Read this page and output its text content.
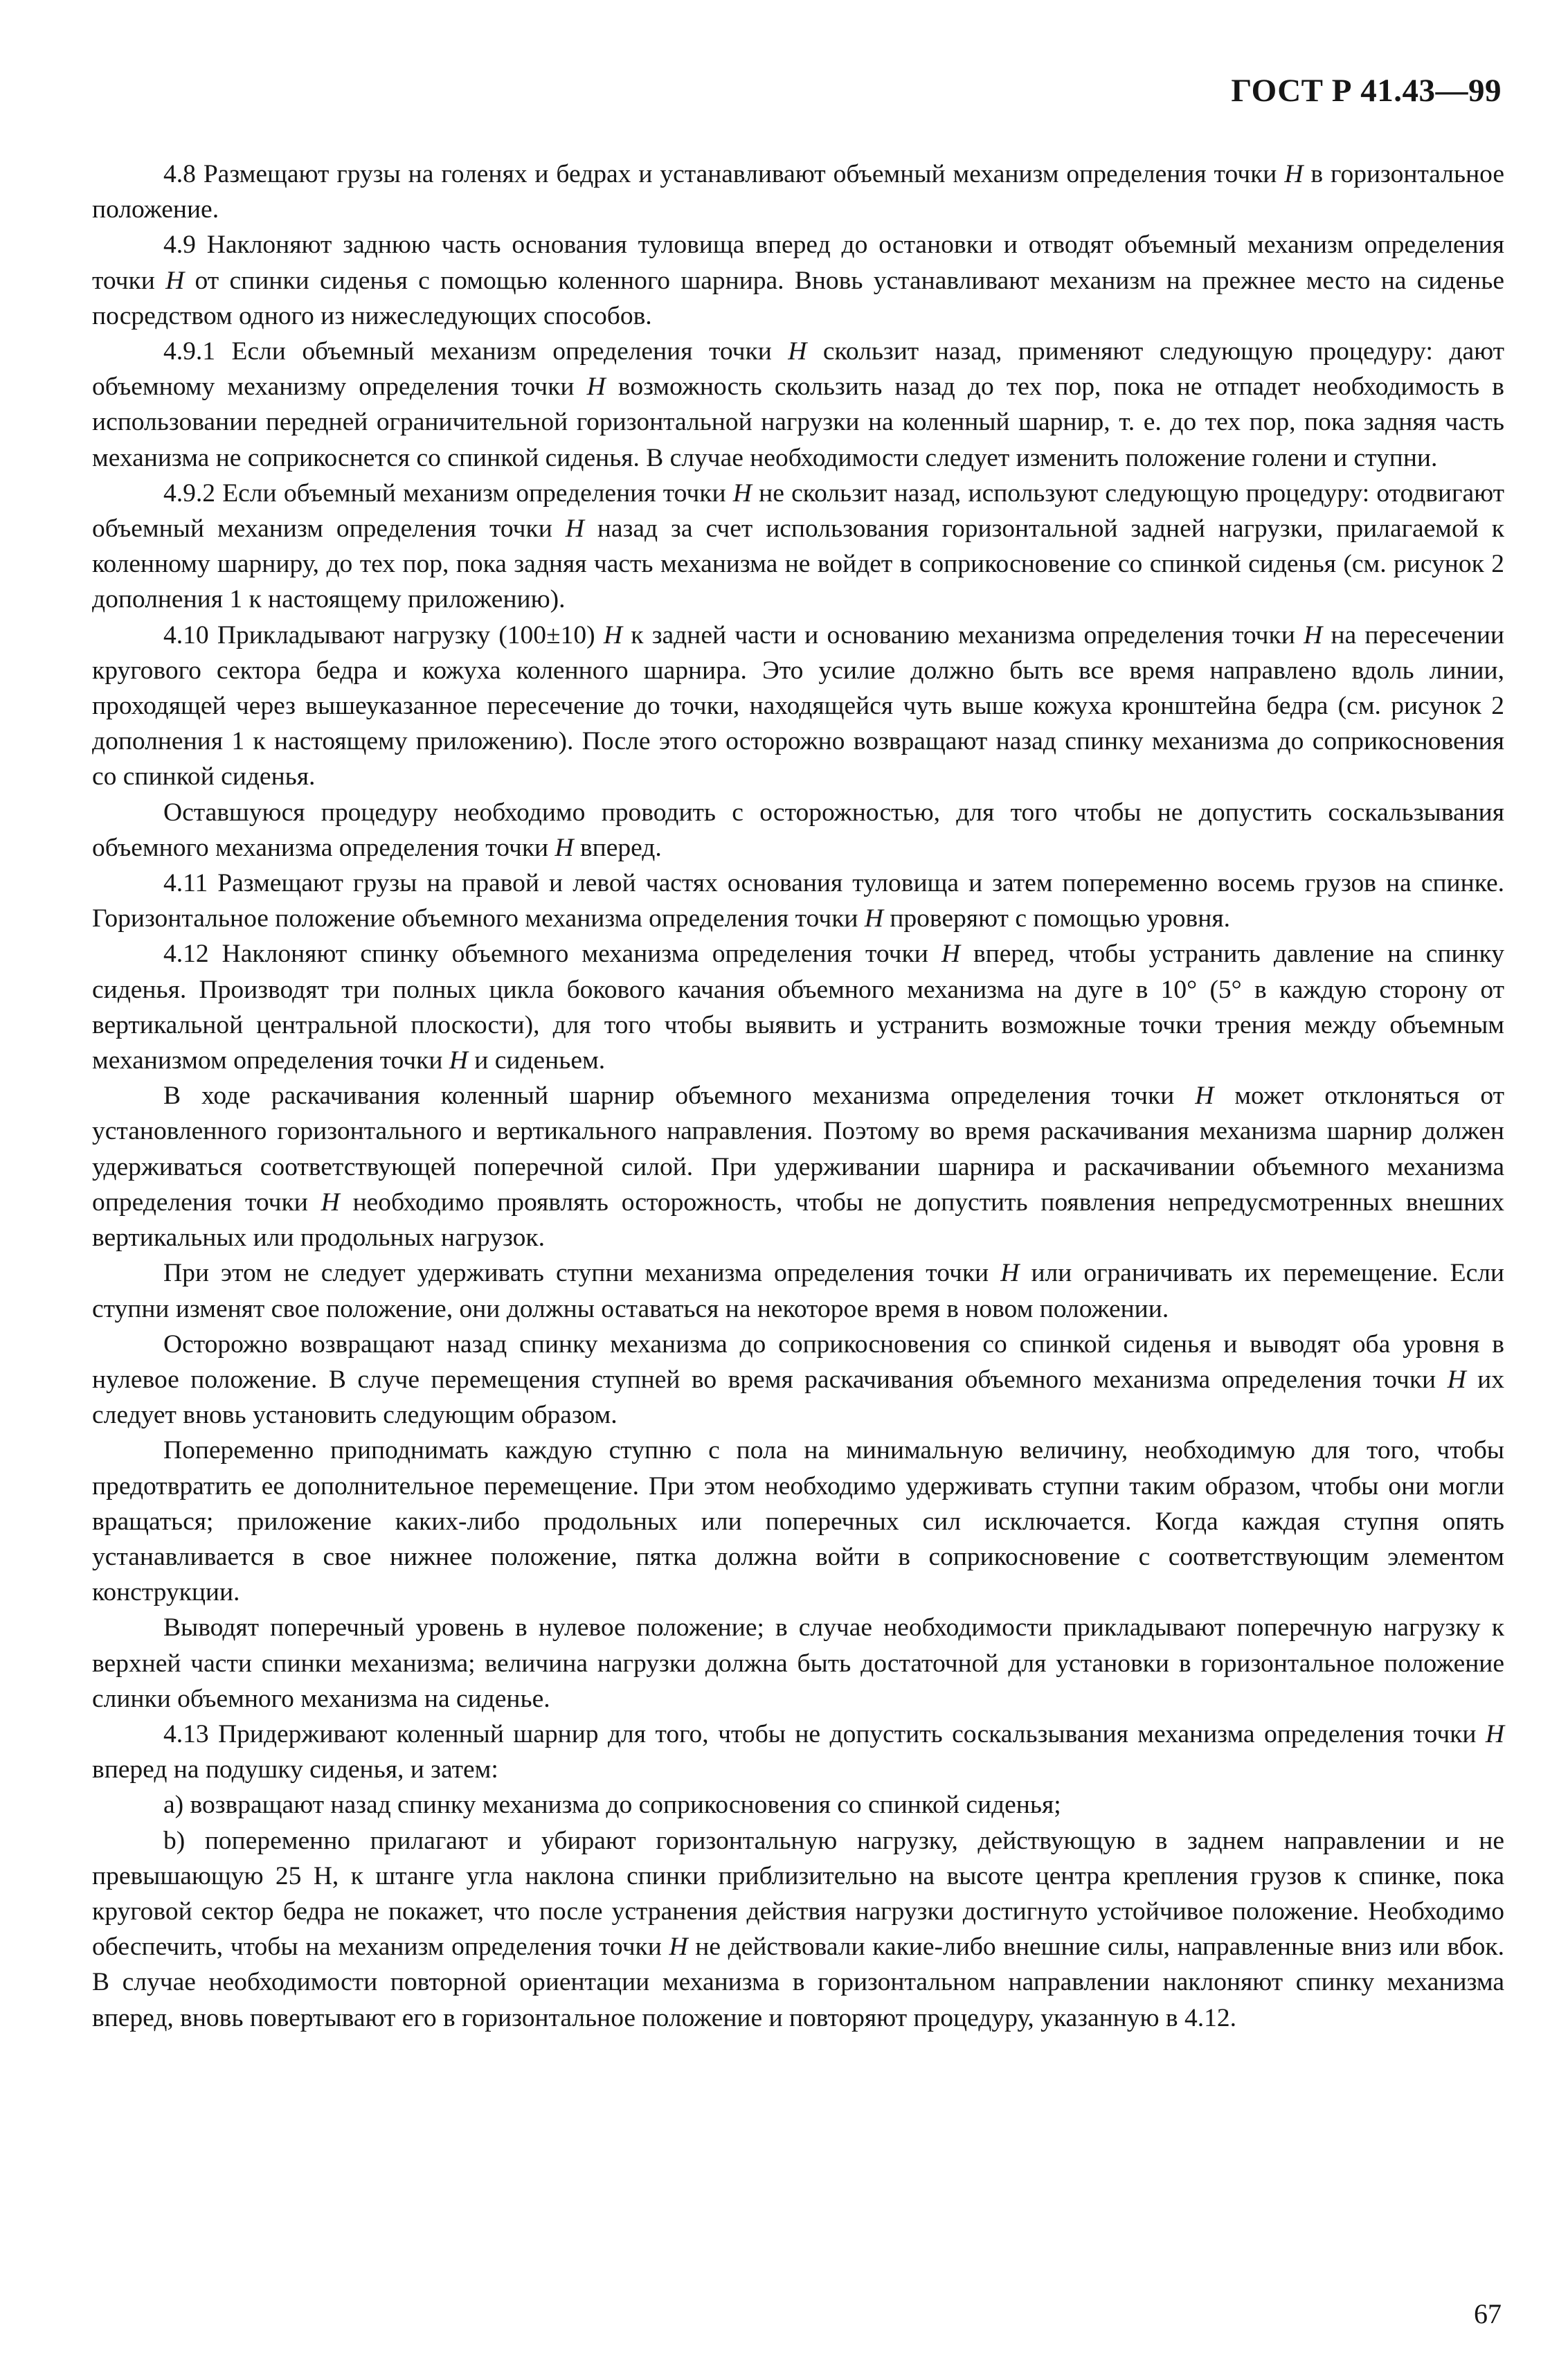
ГОСТ Р 41.43—99

4.8 Размещают грузы на голенях и бедрах и устанавливают объемный механизм определения точки H в горизонтальное положение.

4.9 Наклоняют заднюю часть основания туловища вперед до остановки и отводят объемный механизм определения точки H от спинки сиденья с помощью коленного шарнира. Вновь устанавливают механизм на прежнее место на сиденье посредством одного из нижеследующих способов.

4.9.1 Если объемный механизм определения точки H скользит назад, применяют следующую процедуру: дают объемному механизму определения точки H возможность скользить назад до тех пор, пока не отпадет необходимость в использовании передней ограничительной горизонтальной нагрузки на коленный шарнир, т. е. до тех пор, пока задняя часть механизма не соприкоснется со спинкой сиденья. В случае необходимости следует изменить положение голени и ступни.

4.9.2 Если объемный механизм определения точки H не скользит назад, используют следующую процедуру: отодвигают объемный механизм определения точки H назад за счет использования горизонтальной задней нагрузки, прилагаемой к коленному шарниру, до тех пор, пока задняя часть механизма не войдет в соприкосновение со спинкой сиденья (см. рисунок 2 дополнения 1 к настоящему приложению).

4.10 Прикладывают нагрузку (100±10) H к задней части и основанию механизма определения точки H на пересечении кругового сектора бедра и кожуха коленного шарнира. Это усилие должно быть все время направлено вдоль линии, проходящей через вышеуказанное пересечение до точки, находящейся чуть выше кожуха кронштейна бедра (см. рисунок 2 дополнения 1 к настоящему приложению). После этого осторожно возвращают назад спинку механизма до соприкосновения со спинкой сиденья.

Оставшуюся процедуру необходимо проводить с осторожностью, для того чтобы не допустить соскальзывания объемного механизма определения точки H вперед.

4.11 Размещают грузы на правой и левой частях основания туловища и затем попеременно восемь грузов на спинке. Горизонтальное положение объемного механизма определения точки H проверяют с помощью уровня.

4.12 Наклоняют спинку объемного механизма определения точки H вперед, чтобы устранить давление на спинку сиденья. Производят три полных цикла бокового качания объемного механизма на дуге в 10° (5° в каждую сторону от вертикальной центральной плоскости), для того чтобы выявить и устранить возможные точки трения между объемным механизмом определения точки H и сиденьем.

В ходе раскачивания коленный шарнир объемного механизма определения точки H может отклоняться от установленного горизонтального и вертикального направления. Поэтому во время раскачивания механизма шарнир должен удерживаться соответствующей поперечной силой. При удерживании шарнира и раскачивании объемного механизма определения точки H необходимо проявлять осторожность, чтобы не допустить появления непредусмотренных внешних вертикальных или продольных нагрузок.

При этом не следует удерживать ступни механизма определения точки H или ограничивать их перемещение. Если ступни изменят свое положение, они должны оставаться на некоторое время в новом положении.

Осторожно возвращают назад спинку механизма до соприкосновения со спинкой сиденья и выводят оба уровня в нулевое положение. В случе перемещения ступней во время раскачивания объемного механизма определения точки H их следует вновь установить следующим образом.

Попеременно приподнимать каждую ступню с пола на минимальную величину, необходимую для того, чтобы предотвратить ее дополнительное перемещение. При этом необходимо удерживать ступни таким образом, чтобы они могли вращаться; приложение каких-либо продольных или поперечных сил исключается. Когда каждая ступня опять устанавливается в свое нижнее положение, пятка должна войти в соприкосновение с соответствующим элементом конструкции.

Выводят поперечный уровень в нулевое положение; в случае необходимости прикладывают поперечную нагрузку к верхней части спинки механизма; величина нагрузки должна быть достаточной для установки в горизонтальное положение слинки объемного механизма на сиденье.

4.13 Придерживают коленный шарнир для того, чтобы не допустить соскальзывания механизма определения точки H вперед на подушку сиденья, и затем:

a) возвращают назад спинку механизма до соприкосновения со спинкой сиденья;

b) попеременно прилагают и убирают горизонтальную нагрузку, действующую в заднем направлении и не превышающую 25 Н, к штанге угла наклона спинки приблизительно на высоте центра крепления грузов к спинке, пока круговой сектор бедра не покажет, что после устранения действия нагрузки достигнуто устойчивое положение. Необходимо обеспечить, чтобы на механизм определения точки H не действовали какие-либо внешние силы, направленные вниз или вбок. В случае необходимости повторной ориентации механизма в горизонтальном направлении наклоняют спинку механизма вперед, вновь повертывают его в горизонтальное положение и повторяют процедуру, указанную в 4.12.

67
